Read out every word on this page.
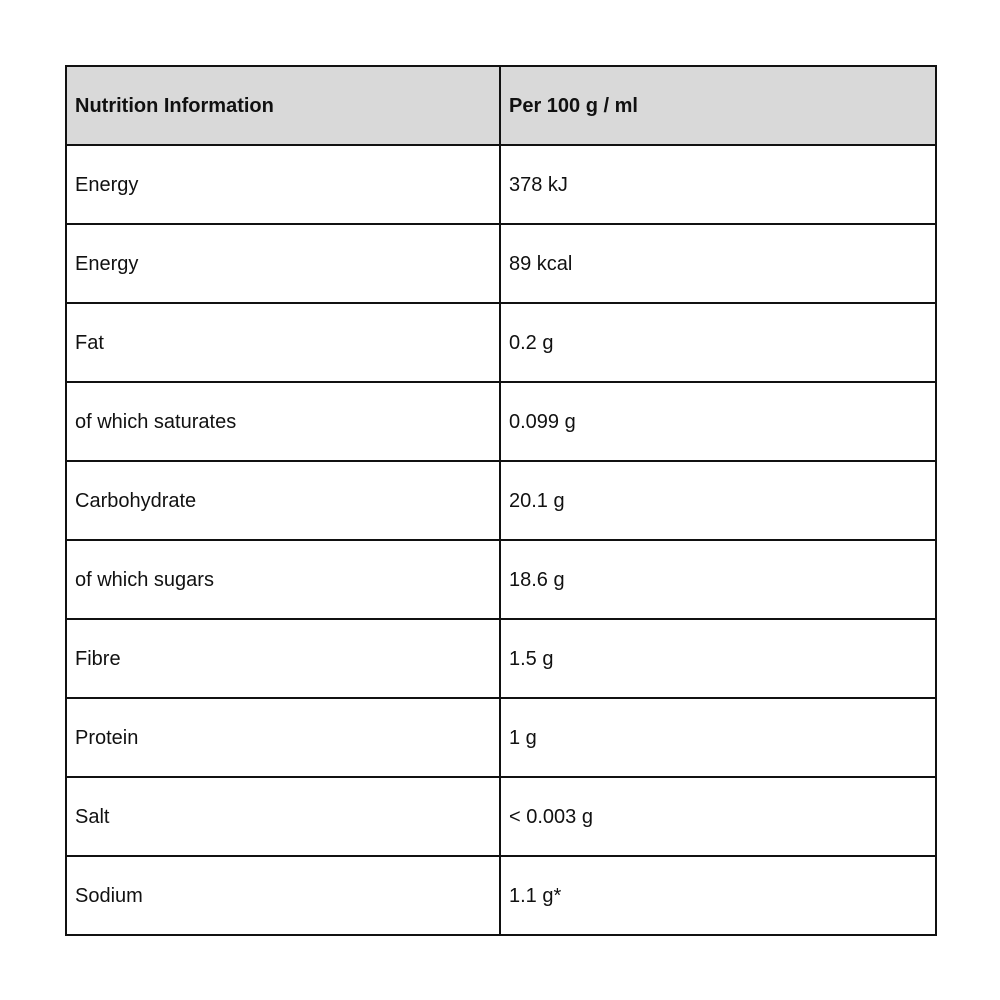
Nutrition Information	Per 100 g / ml
Energy	378 kJ
Energy	89 kcal
Fat	0.2 g
of which saturates	0.099 g
Carbohydrate	20.1 g
of which sugars	18.6 g
Fibre	1.5 g
Protein	1 g
Salt	< 0.003 g
Sodium	1.1 g*
